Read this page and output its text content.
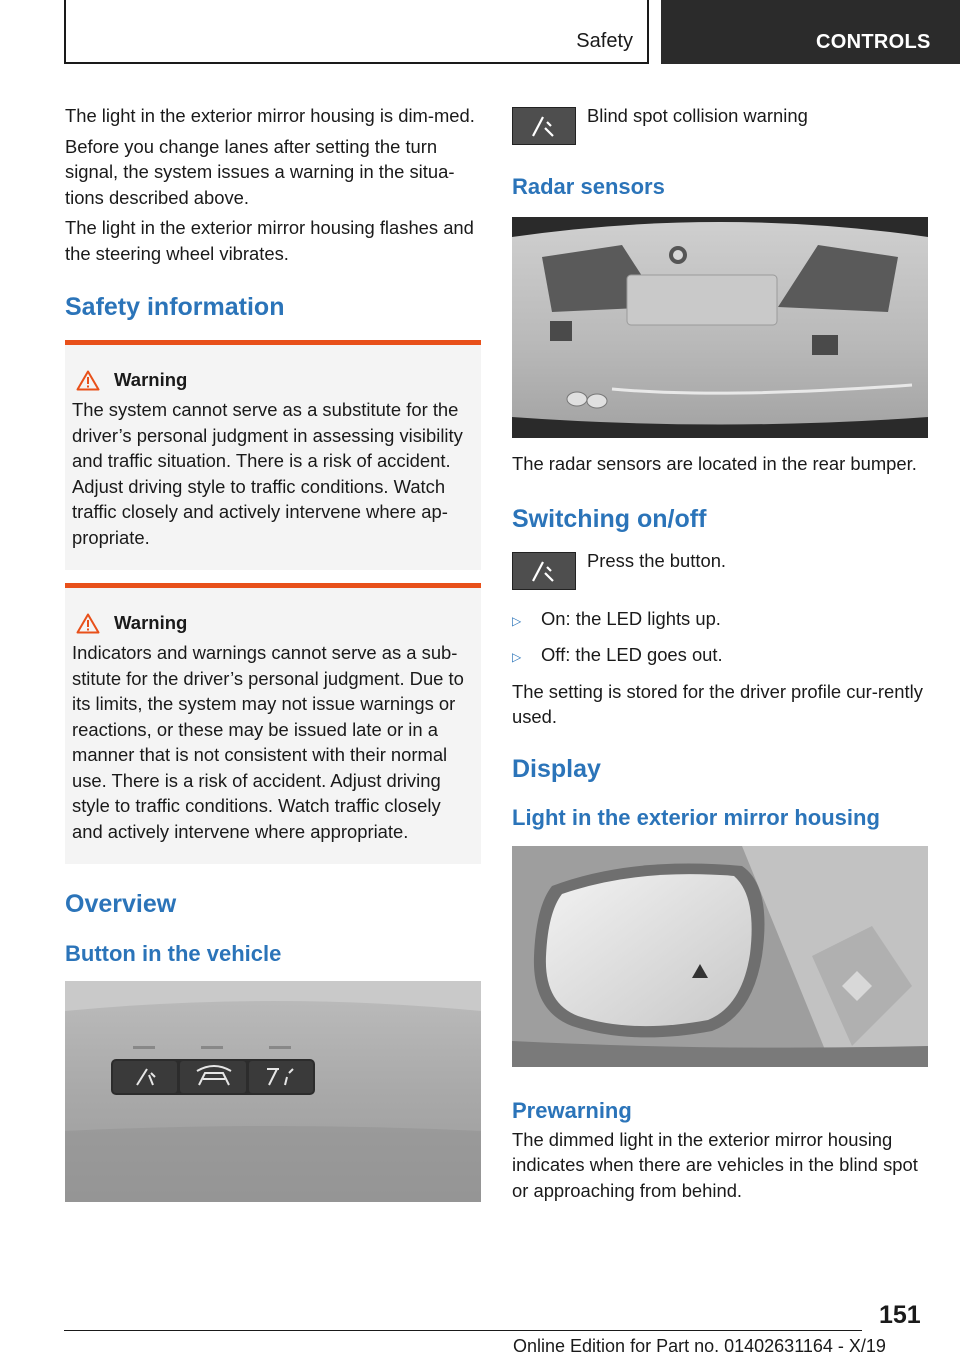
Safety	CONTROLS

The light in the exterior mirror housing is dim‐med.

Before you change lanes after setting the turn signal, the system issues a warning in the situa‐tions described above.

The light in the exterior mirror housing flashes and the steering wheel vibrates.

Safety information
Warning

The system cannot serve as a substitute for the driver’s personal judgment in assessing visibility and traffic situation. There is a risk of accident. Adjust driving style to traffic conditions. Watch traffic closely and actively intervene where ap‐propriate.

Warning

Indicators and warnings cannot serve as a sub‐stitute for the driver’s personal judgment. Due to its limits, the system may not issue warnings or reactions, or these may be issued late or in a manner that is not consistent with their normal use. There is a risk of accident. Adjust driving style to traffic conditions. Watch traffic closely and actively intervene where appropriate.

Overview
Button in the vehicle
Blind spot collision warning
Radar sensors

The radar sensors are located in the rear bumper.

Switching on/off
Press the button.
▷	On: the LED lights up.
▷	Off: the LED goes out.

The setting is stored for the driver profile cur‐rently used.

Display
Light in the exterior mirror housing
Prewarning

The dimmed light in the exterior mirror housing indicates when there are vehicles in the blind spot or approaching from behind.

151
Online Edition for Part no. 01402631164 - X/19
